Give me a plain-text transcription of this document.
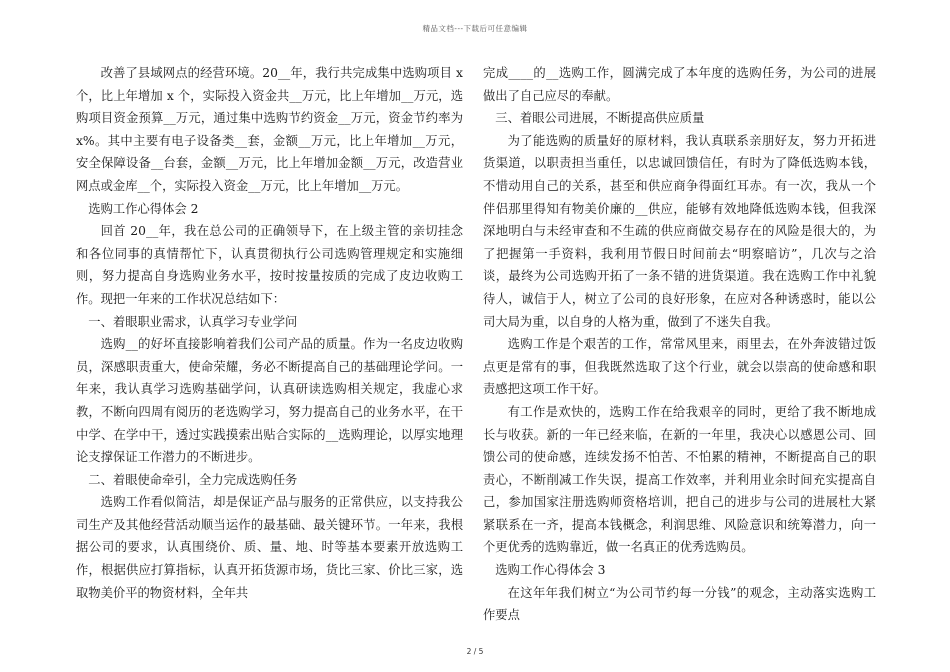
精品文档---下载后可任意编辑

改善了县域网点的经营环境。20__年，我行共完成集中选购项目 x 个，比上年增加 x 个，实际投入资金共__万元，比上年增加__万元，选购项目资金预算__万元，通过集中选购节约资金__万元，资金节约率为 x%。其中主要有电子设备类__套，金额__万元，比上年增加__万元，安全保障设备__台套，金额__万元，比上年增加金额__万元，改造营业网点或金库__个，实际投入资金__万元，比上年增加__万元。

选购工作心得体会 2

回首 20__年，我在总公司的正确领导下，在上级主管的亲切挂念和各位同事的真情帮忙下，认真贯彻执行公司选购管理规定和实施细则，努力提高自身选购业务水平，按时按量按质的完成了皮边收购工作。现把一年来的工作状况总结如下：

一、着眼职业需求，认真学习专业学问

选购__的好坏直接影响着我们公司产品的质量。作为一名皮边收购员，深感职责重大，使命荣耀，务必不断提高自己的基础理论学问。一年来，我认真学习选购基础学问，认真研读选购相关规定，我虚心求教，不断向四周有阅历的老选购学习，努力提高自己的业务水平，在干中学、在学中干，透过实践摸索出贴合实际的__选购理论，以厚实地理论支撑保证工作潜力的不断进步。

二、着眼使命牵引，全力完成选购任务

选购工作看似简洁，却是保证产品与服务的正常供应，以支持我公司生产及其他经营活动顺当运作的最基础、最关键环节。一年来，我根据公司的要求，认真围绕价、质、量、地、时等基本要素开放选购工作，根据供应打算指标，认真开拓货源市场，货比三家、价比三家，选取物美价平的物资材料，全年共

完成____的__选购工作，圆满完成了本年度的选购任务，为公司的进展做出了自己应尽的奉献。

三、着眼公司进展，不断提高供应质量

为了能选购的质量好的原材料，我认真联系亲朋好友，努力开拓进货渠道，以职责担当重任，以忠诚回馈信任，有时为了降低选购本钱，不惜动用自己的关系，甚至和供应商争得面红耳赤。有一次，我从一个伴侣那里得知有物美价廉的__供应，能够有效地降低选购本钱，但我深深地明白与未经审查和不生疏的供应商做交易存在的风险是很大的，为了把握第一手资料，我利用节假日时间前去“明察暗访”，几次与之洽谈，最终为公司选购开拓了一条不错的进货渠道。我在选购工作中礼貌待人，诚信于人，树立了公司的良好形象，在应对各种诱惑时，能以公司大局为重，以自身的人格为重，做到了不迷失自我。

选购工作是个艰苦的工作，常常风里来，雨里去，在外奔波错过饭点更是常有的事，但我既然选取了这个行业，就会以崇高的使命感和职责感把这项工作干好。

有工作是欢快的，选购工作在给我艰辛的同时，更给了我不断地成长与收获。新的一年已经来临，在新的一年里，我决心以感恩公司、回馈公司的使命感，连续发扬不怕苦、不怕累的精神，不断提高自己的职责心，不断削减工作失误，提高工作效率，并利用业余时间充实提高自己，参加国家注册选购师资格培训，把自己的进步与公司的进展杜大紧紧联系在一齐，提高本钱概念，利润思维、风险意识和统筹潜力，向一个更优秀的选购靠近，做一名真正的优秀选购员。

选购工作心得体会 3

在这年年我们树立“为公司节约每一分钱”的观念，主动落实选购工作要点

2 / 5
